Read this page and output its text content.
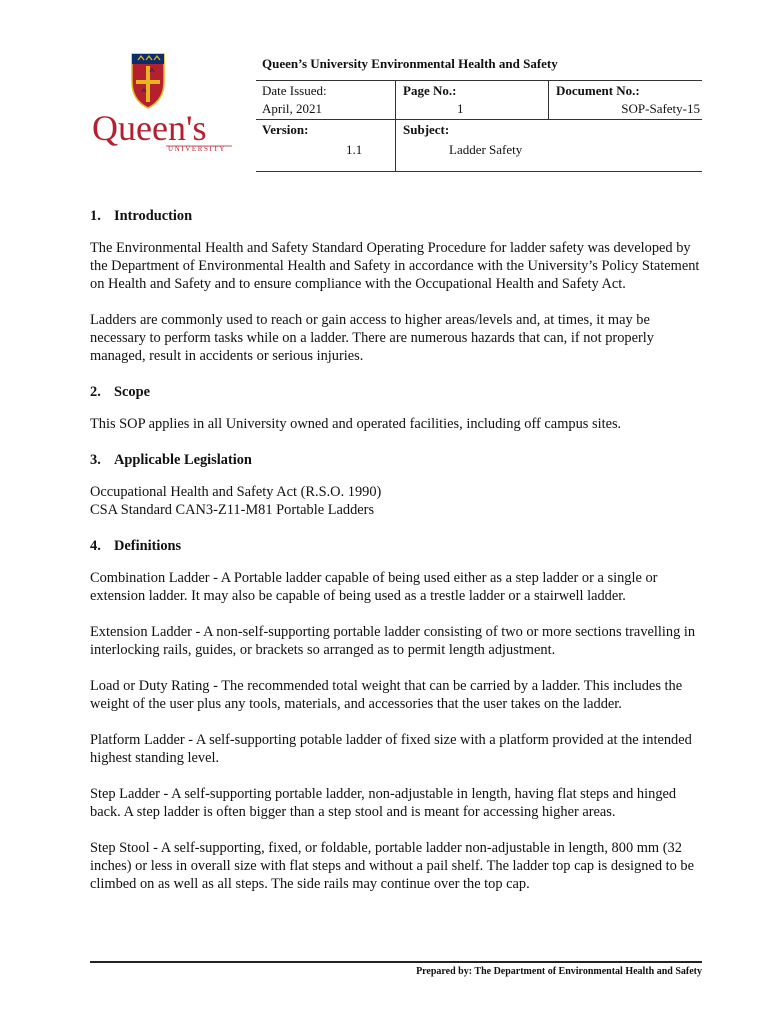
Queen's
UNIVERSITY
Queen’s University Environmental Health and Safety
Date Issued:
April, 2021
Page No.:
1
Document No.:
SOP-Safety-15
Version:
1.1
Subject:
Ladder Safety
1. Introduction

The Environmental Health and Safety Standard Operating Procedure for ladder safety was developed by the Department of Environmental Health and Safety in accordance with the University’s Policy Statement on Health and Safety and to ensure compliance with the Occupational Health and Safety Act.

Ladders are commonly used to reach or gain access to higher areas/levels and, at times, it may be necessary to perform tasks while on a ladder. There are numerous hazards that can, if not properly managed, result in accidents or serious injuries.

2. Scope

This SOP applies in all University owned and operated facilities, including off campus sites.

3. Applicable Legislation
Occupational Health and Safety Act (R.S.O. 1990)
CSA Standard CAN3-Z11-M81 Portable Ladders
4. Definitions

Combination Ladder - A Portable ladder capable of being used either as a step ladder or a single or extension ladder. It may also be capable of being used as a trestle ladder or a stairwell ladder.

Extension Ladder - A non-self-supporting portable ladder consisting of two or more sections travelling in interlocking rails, guides, or brackets so arranged as to permit length adjustment.

Load or Duty Rating - The recommended total weight that can be carried by a ladder. This includes the weight of the user plus any tools, materials, and accessories that the user takes on the ladder.

Platform Ladder - A self-supporting potable ladder of fixed size with a platform provided at the intended highest standing level.

Step Ladder - A self-supporting portable ladder, non-adjustable in length, having flat steps and hinged back. A step ladder is often bigger than a step stool and is meant for accessing higher areas.

Step Stool - A self-supporting, fixed, or foldable, portable ladder non-adjustable in length, 800 mm (32 inches) or less in overall size with flat steps and without a pail shelf. The ladder top cap is designed to be climbed on as well as all steps. The side rails may continue over the top cap.

Prepared by: The Department of Environmental Health and Safety
